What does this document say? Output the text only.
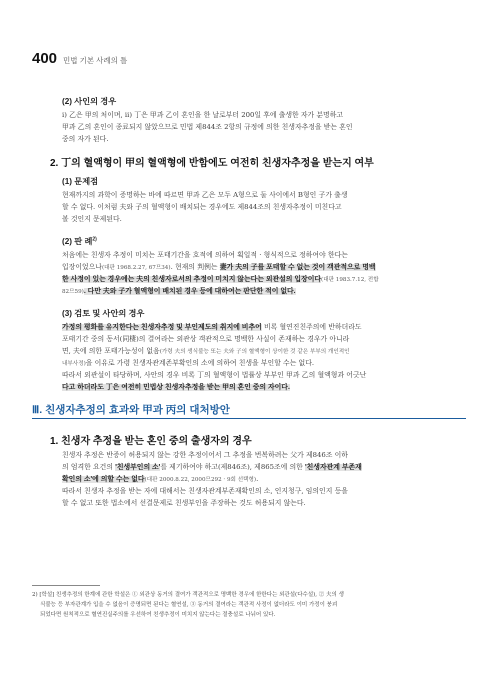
400 민법 기본 사례의 틀
(2) 사인의 경우
ⅰ) 乙은 甲의 처이며, ⅱ) 丁은 甲과 乙이 혼인을 한 날로부터 200일 후에 출생한 자가 분명하고
甲과 乙의 혼인이 종료되지 않았으므로 민법 제844조 2항의 규정에 의한 친생자추정을 받는 혼인
중의 자가 된다.
2. 丁의 혈액형이 甲의 혈액형에 반함에도 여전히 친생자추정을 받는지 여부
(1) 문제점
현재까지의 과학이 증명하는 바에 따르면 甲과 乙은 모두 A형으로 둘 사이에서 B형인 子가 출생
할 수 없다. 이처럼 夫와 子의 혈액형이 배치되는 경우에도 제844조의 친생자추정이 미친다고
볼 것인지 문제된다.
(2) 판 례$^{2)}$
처음에는 친생자 추정이 미치는 포태기간을 호적에 의하여 획일적 · 형식적으로 정하여야 한다는
입장이었으나(대판 1968.2.27, 67므34). 현재의 判例는 妻가 夫의 子를 포태할 수 없는 것이 객관적으로 명백
한 사정이 있는 경우에는 夫의 친생자로서의 추정이 미치지 않는다는 외관설의 입장이다(대판 1983.7.12, 전합
82므59). 다만 夫와 子가 혈액형이 배치된 경우 등에 대하여는 판단한 적이 없다.
(3) 검토 및 사안의 경우
가정의 평화를 유지한다는 친생자추정 및 부인제도의 취지에 비추어 비록 혈연진친주의에 반하더라도
포태기간 중의 동서(同棲)의 결여라는 외관상 객관적으로 명백한 사실이 존재하는 경우가 아니라
면, 夫에 의한 포태가능성이 없음(가령 夫의 생식불능 또는 夫와 子의 혈액형이 상이한 것 같은 부부의 개인적인
내부사정)을 이유로 가령 친생자관계존부확인의 소에 의하여 친생을 부인할 수는 없다.
따라서 외관설이 타당하며, 사안의 경우 비록 丁의 혈액형이 법률상 부부인 甲과 乙의 혈액형과 어긋난
다고 하더라도 丁은 여전히 민법상 친생자추정을 받는 甲의 혼인 중의 자이다.
Ⅲ. 친생자추정의 효과와 甲과 丙의 대처방안
1. 친생자 추정을 받는 혼인 중의 출생자의 경우
친생자 추정은 반증이 허용되지 않는 강한 추정이어서 그 추정을 번복하려는 父가 제846조 이하
의 엄격한 요건의 '친생부인의 소'를 제기하여야 하고(제846조), 제865조에 의한 '친생자관계 부존재
확인의 소'에 의할 수는 없다(대판 2000.8.22, 2000므292 · 9회 선택형).
따라서 친생자 추정을 받는 자에 대해서는 친생자관계부존재확인의 소, 인지청구, 임의인지 등을
할 수 없고 또한 법소에서 선결문제로 친생부인을 주장하는 것도 허용되지 않는다.
2) [학설] 친생추정의 한계에 관한 학설은 ① 외관상 동거의 결여가 객관적으로 명백한 경우에 한한다는 외관설(다수설), ② 夫의 생
식불능 등 부자관계가 입을 수 없음이 증명되면 된다는 혈연설, ③ 동거의 결여라는 객관적 사정이 없더라도 이미 가정이 붕괴
되었다면 원칙적으로 혈연진실주의를 우선하여 친생추정이 미치지 않는다는 절충설로 나뉘어 있다.
